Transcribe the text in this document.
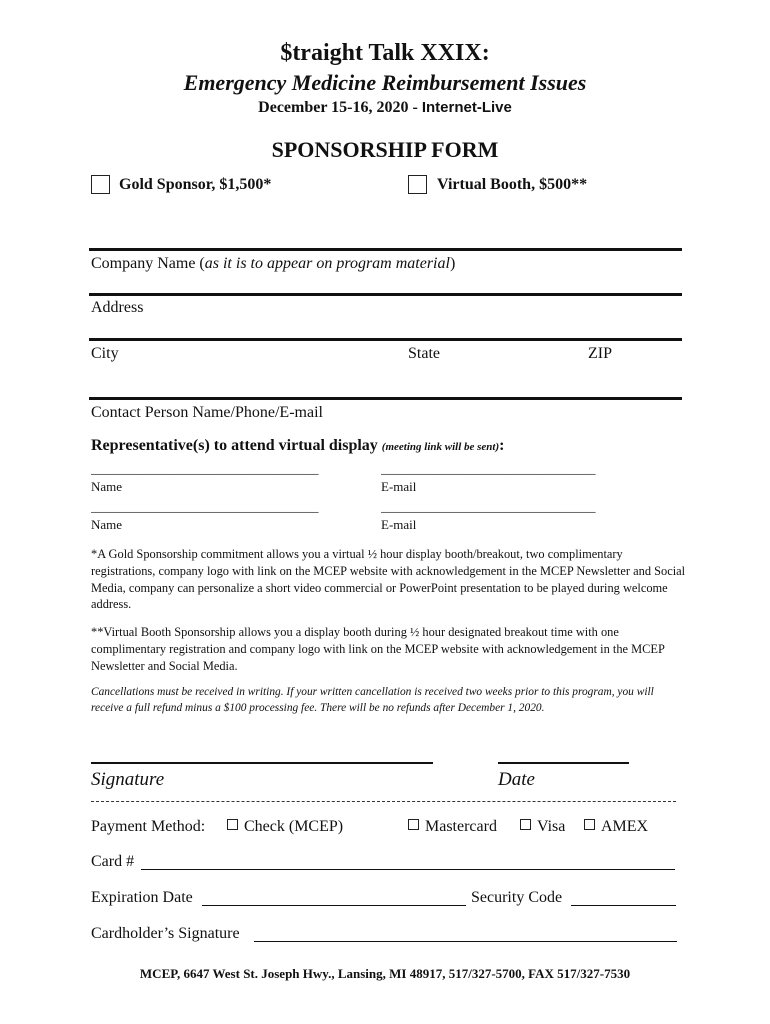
$traight Talk XXIX:
Emergency Medicine Reimbursement Issues
December 15-16, 2020 - Internet-Live
SPONSORSHIP FORM
Gold Sponsor, $1,500*	Virtual Booth, $500**
Company Name (as it is to appear on program material)
Address
City	State	ZIP
Contact Person Name/Phone/E-mail
Representative(s) to attend virtual display (meeting link will be sent):
___________________________________	_________________________________
Name	E-mail
___________________________________	_________________________________
Name	E-mail
*A Gold Sponsorship commitment allows you a virtual ½ hour display booth/breakout, two complimentary registrations, company logo with link on the MCEP website with acknowledgement in the MCEP Newsletter and Social Media, company can personalize a short video commercial or PowerPoint presentation to be played during welcome address.
**Virtual Booth Sponsorship allows you a display booth during ½ hour designated breakout time with one complimentary registration and company logo with link on the MCEP website with acknowledgement in the MCEP Newsletter and Social Media.
Cancellations must be received in writing. If your written cancellation is received two weeks prior to this program, you will receive a full refund minus a $100 processing fee. There will be no refunds after December 1, 2020.
Signature	Date
Payment Method:	Check (MCEP)	Mastercard	Visa	AMEX
Card #
Expiration Date	Security Code
Cardholder’s Signature
MCEP, 6647 West St. Joseph Hwy., Lansing, MI 48917, 517/327-5700, FAX 517/327-7530
